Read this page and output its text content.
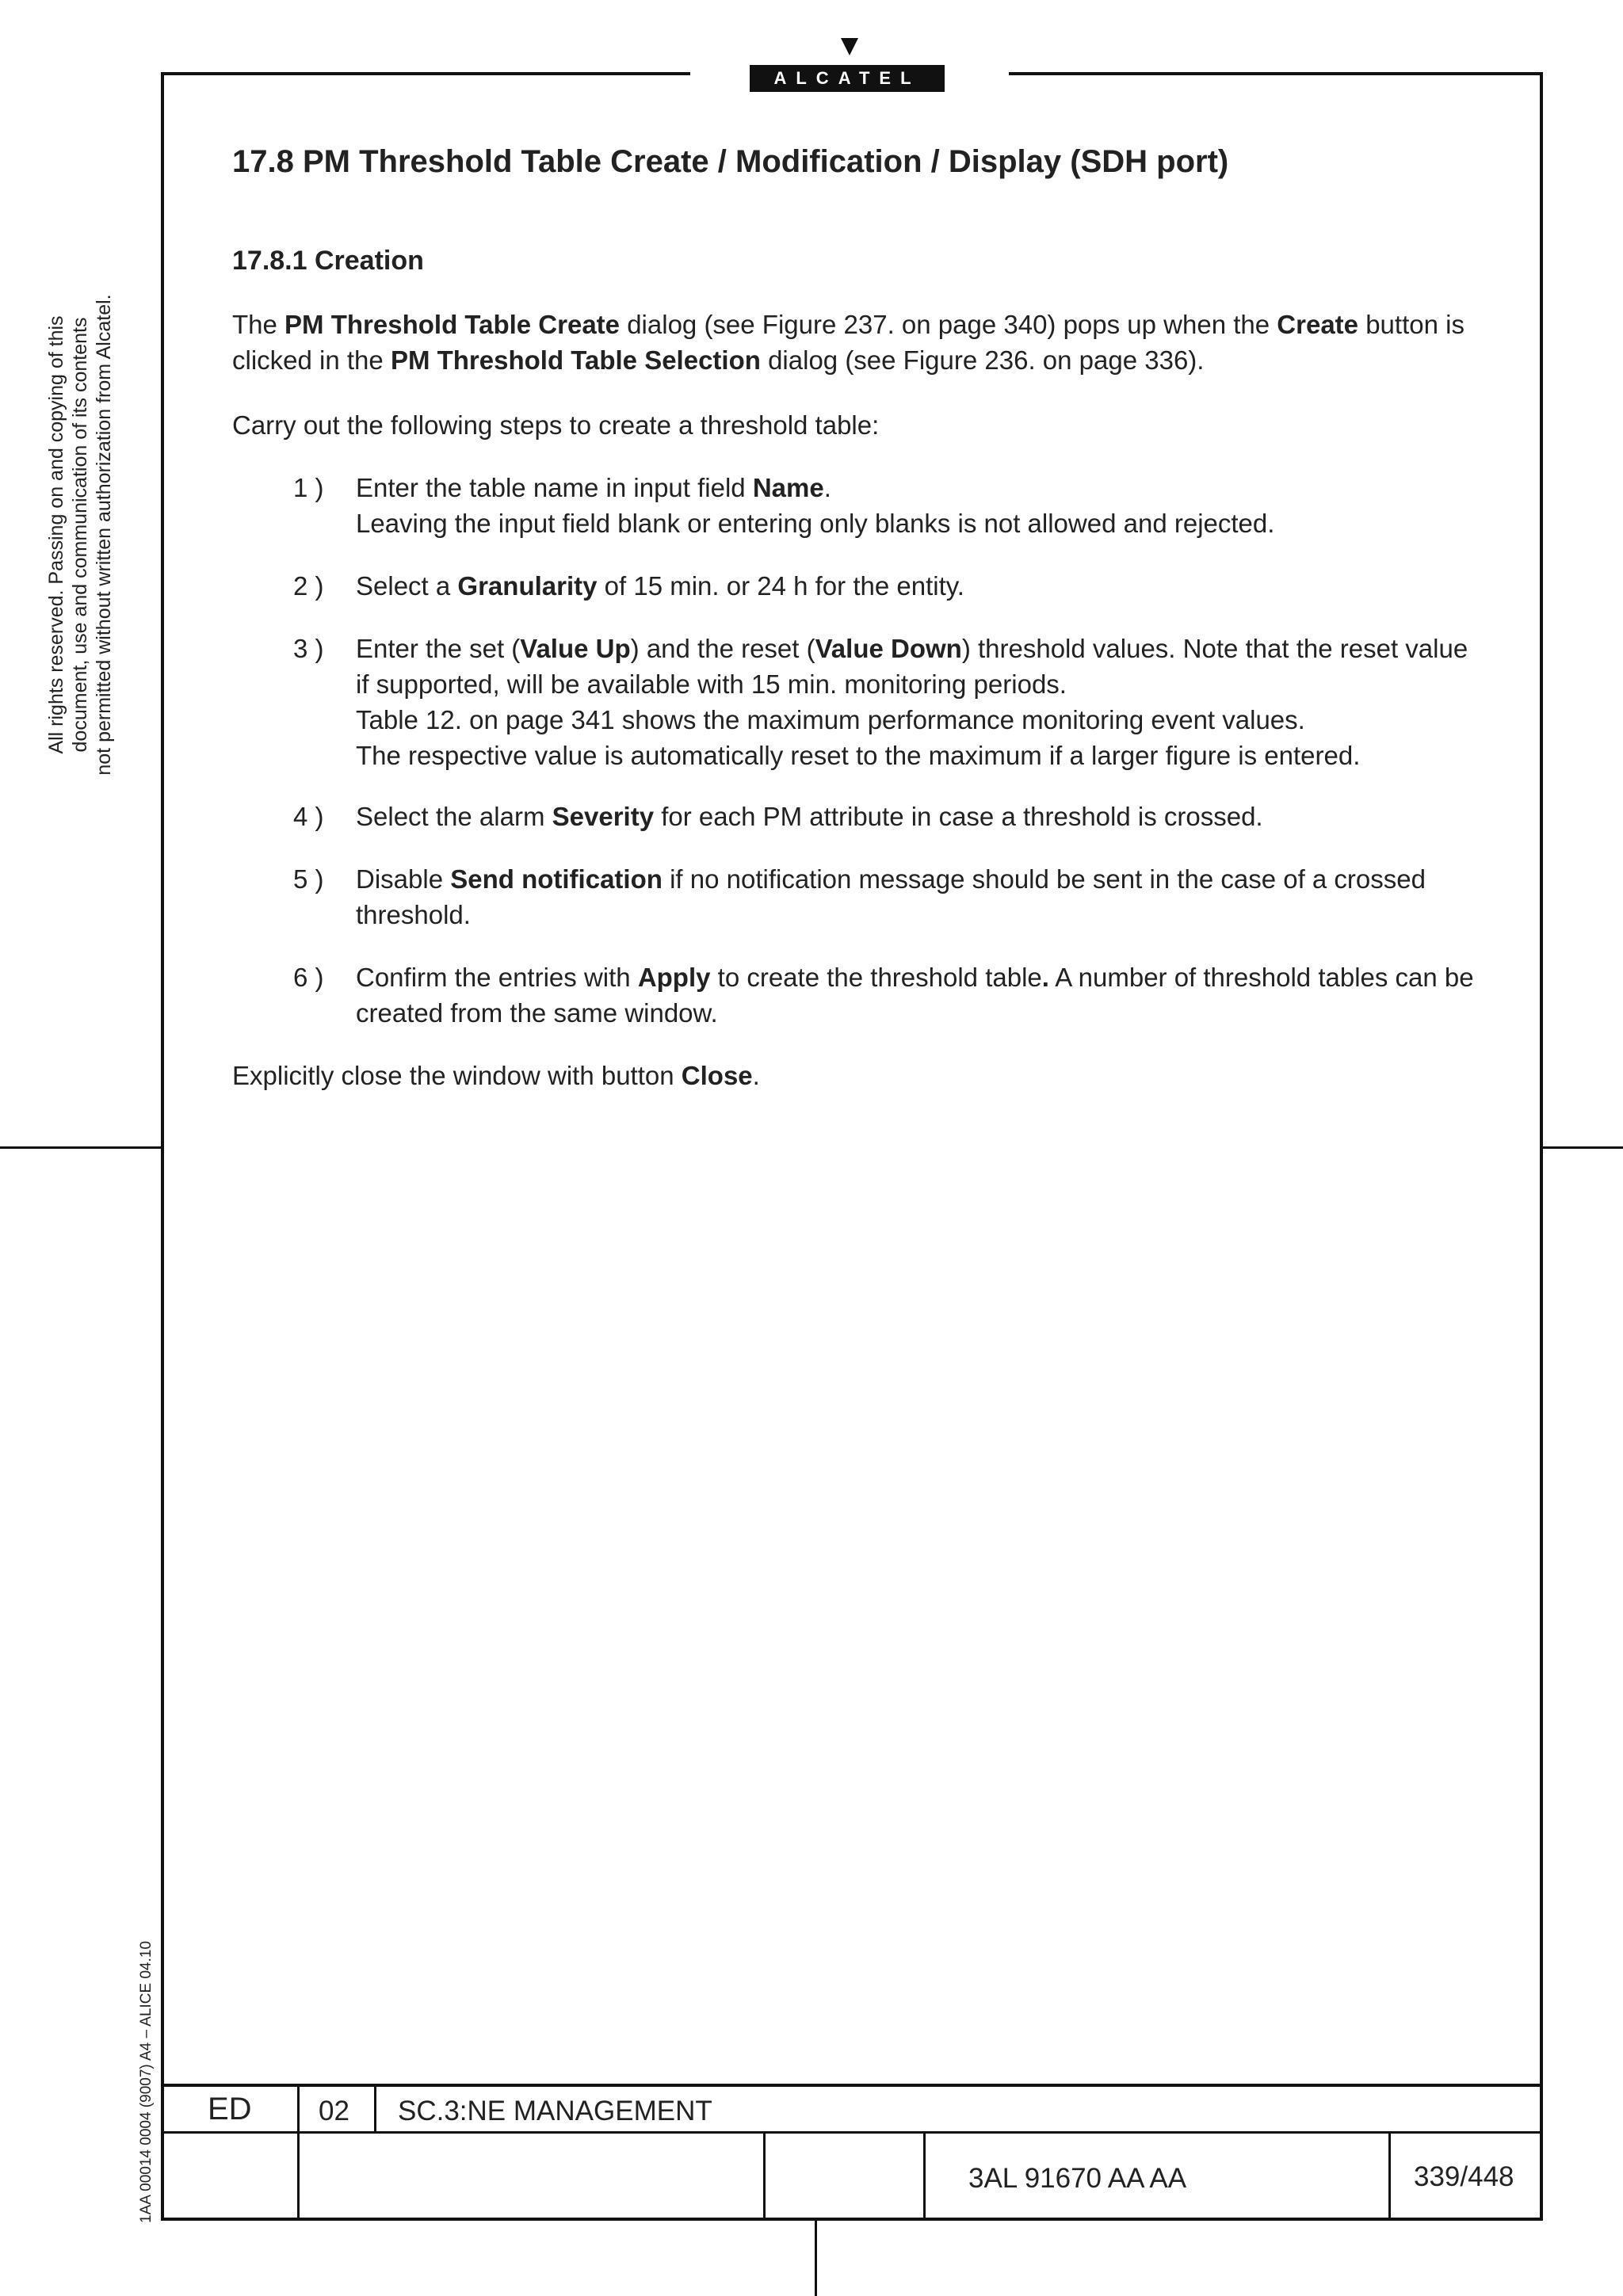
ALCATEL
All rights reserved. Passing on and copying of this document, use and communication of its contents not permitted without written authorization from Alcatel.
1AA 00014 0004 (9007) A4 – ALICE 04.10
17.8 PM Threshold Table Create / Modification / Display (SDH port)
17.8.1 Creation

The PM Threshold Table Create dialog (see Figure 237. on page 340) pops up when the Create button is clicked in the PM Threshold Table Selection dialog (see Figure 236. on page 336).

Carry out the following steps to create a threshold table:

1 ) Enter the table name in input field Name.
Leaving the input field blank or entering only blanks is not allowed and rejected.
2 ) Select a Granularity of 15 min. or 24 h for the entity.
3 ) Enter the set (Value Up) and the reset (Value Down) threshold values. Note that the reset value if supported, will be available with 15 min. monitoring periods.
Table 12. on page 341 shows the maximum performance monitoring event values.
The respective value is automatically reset to the maximum if a larger figure is entered.
4 ) Select the alarm Severity for each PM attribute in case a threshold is crossed.
5 ) Disable Send notification if no notification message should be sent in the case of a crossed threshold.
6 ) Confirm the entries with Apply to create the threshold table. A number of threshold tables can be created from the same window.

Explicitly close the window with button Close.

ED 02 SC.3:NE MANAGEMENT
3AL 91670 AA AA	339/448
